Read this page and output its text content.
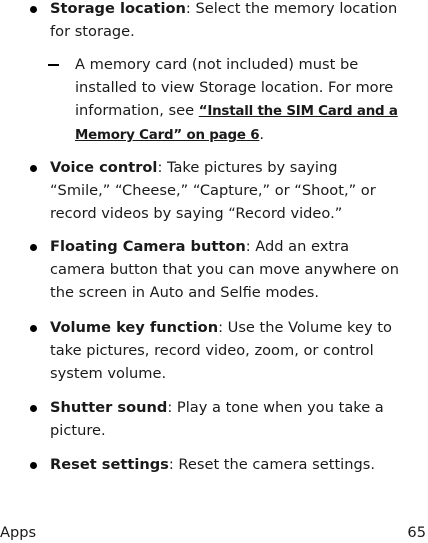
Storage location: Select the memory location for storage.
A memory card (not included) must be installed to view Storage location. For more information, see “Install the SIM Card and a Memory Card” on page 6.
Voice control: Take pictures by saying “Smile,” “Cheese,” “Capture,” or “Shoot,” or record videos by saying “Record video.”
Floating Camera button: Add an extra camera button that you can move anywhere on the screen in Auto and Selfie modes.
Volume key function: Use the Volume key to take pictures, record video, zoom, or control system volume.
Shutter sound: Play a tone when you take a picture.
Reset settings: Reset the camera settings.
Apps	65
